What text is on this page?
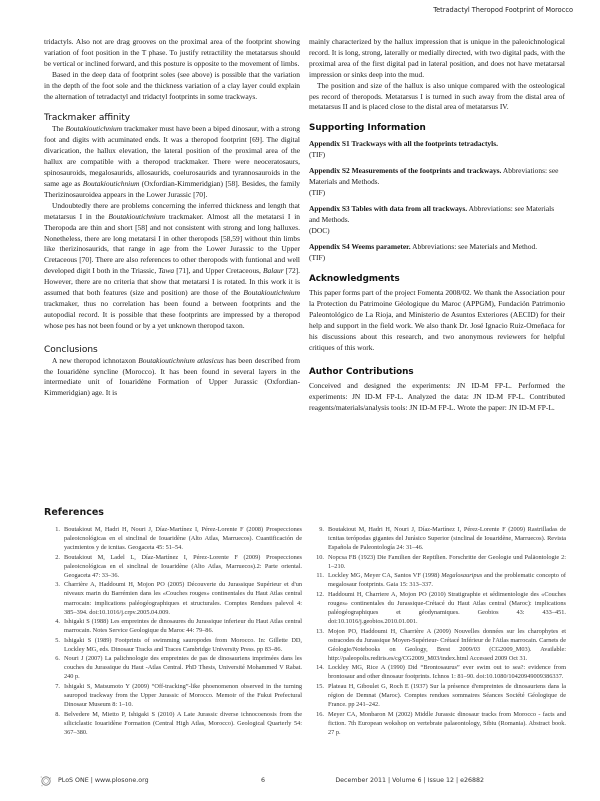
Tetradactyl Theropod Footprint of Morocco

tridactyls. Also not are drag grooves on the proximal area of the footprint showing variation of foot position in the T phase. To justify retractility the metatarsus should be vertical or inclined forward, and this posture is opposite to the movement of limbs.

Based in the deep data of footprint soles (see above) is possible that the variation in the depth of the foot sole and the thickness variation of a clay layer could explain the alternation of tetradactyl and tridactyl footprints in some trackways.

Trackmaker affinity

The Boutakioutichnium trackmaker must have been a biped dinosaur, with a strong foot and digits with acuminated ends. It was a theropod footprint [69]. The digital divarication, the hallux elevation, the lateral position of the proximal area of the hallux are compatible with a theropod trackmaker. There were neoceratosaurs, spinosauroids, megalosaurids, allosaurids, coelurosaurids and tyrannosauroids in the same age as Boutakioutichnium (Oxfordian-Kimmeridgian) [58]. Besides, the family Therizinosauroidea appears in the Lower Jurassic [70].

Undoubtedly there are problems concerning the inferred thickness and length that metatarsus I in the Boutakioutichnium trackmaker. Almost all the metatarsi I in Theropoda are thin and short [58] and not consistent with strong and long halluxes. Nonetheless, there are long metatarsi I in other theropods [58,59] without thin limbs like therizinosaurids, that range in age from the Lower Jurassic to the Upper Cretaceous [70]. There are also references to other theropods with funtional and well developed digit I both in the Triassic, Tawa [71], and Upper Cretaceous, Balaur [72]. However, there are no criteria that show that metatarsi I is rotated. In this work it is assumed that both features (size and position) are those of the Boutakioutichnium trackmaker, thus no correlation has been found a between footprints and the autopodial record. It is possible that these footprints are impressed by a theropod whose pes has not been found or by a yet unknown theropod taxon.

Conclusions

A new theropod ichnotaxon Boutakioutichnium atlasicus has been described from the Iouaridène syncline (Morocco). It has been found in several layers in the intermediate unit of Iouaridène Formation of Upper Jurassic (Oxfordian-Kimmeridgian) age. It is

mainly characterized by the hallux impression that is unique in the paleoichnological record. It is long, strong, laterally or medially directed, with two digital pads, with the proximal area of the first digital pad in lateral position, and does not have metatarsal impression or sinks deep into the mud.

The position and size of the hallux is also unique compared with the osteological pes record of theropods. Metatarsus I is turned in such away from the distal area of metatarsus II and is placed close to the distal area of metatarsus IV.

Supporting Information
Appendix S1 Trackways with all the footprints tetradactyls.
(TIF)
Appendix S2 Measurements of the footprints and trackways. Abbreviations: see Materials and Methods.
(TIF)
Appendix S3 Tables with data from all trackways. Abbreviations: see Materials and Methods.
(DOC)
Appendix S4 Weems parameter. Abbreviations: see Materials and Method.
(TIF)
Acknowledgments

This paper forms part of the project Fomenta 2008/02. We thank the Association pour la Protection du Patrimoine Géologique du Maroc (APPGM), Fundación Patrimonio Paleontológico de La Rioja, and Ministerio de Asuntos Exteriores (AECID) for their help and support in the field work. We also thank Dr. José Ignacio Ruiz-Omeñaca for his discussions about this research, and two anonymous reviewers for helpful critiques of this work.

Author Contributions

Conceived and designed the experiments: JN ID-M FP-L. Performed the experiments: JN ID-M FP-L. Analyzed the data: JN ID-M FP-L. Contributed reagents/materials/analysis tools: JN ID-M FP-L. Wrote the paper: JN ID-M FP-L.

References
1. Boutakiout M, Hadri H, Nouri J, Díaz-Martínez I, Pérez-Lorente F (2008) Prospecciones paleoicnológicas en el sinclinal de Iouaridène (Alto Atlas, Marruecos). Cuantificación de yacimientos y de icnitas. Geogaceta 45: 51–54.
2. Boutakiout M, Ladel L, Díaz-Martínez I, Pérez-Lorente F (2009) Prospecciones paleoicnológicas en el sinclinal de Iouaridène (Alto Atlas, Marruecos).2: Parte oriental. Geogaceta 47: 33–36.
3. Charrière A, Haddoumi H, Mojon PO (2005) Découverte du Jurassique Supérieur et d'un niveaux marin du Barrémien dans les «Couches rouges» continentales du Haut Atlas central marrocain: implications paléogéographiques et structurales. Comptes Rendues palevol 4: 385–394. doi:10.1016/j.crpv.2005.04.009.
4. Ishigaki S (1988) Les empreintes de dinosaures du Jurassique inferieur du Haut Atlas central marrocain. Notes Service Geologique du Maroc 44: 79–86.
5. Ishigaki S (1989) Footprints of swimming sauropodes from Morocco. In: Gillette DD, Lockley MG, eds. Dinosaur Tracks and Traces Cambridge University Press. pp 83–86.
6. Nouri J (2007) La palichnologie des empreintes de pas de dinosauriens imprimées dans les couches du Jurassique du Haut -Atlas Central. PhD Thesis, Université Mohammed V Rabat. 240 p.
7. Ishigaki S, Matsumoto Y (2009) “Off-tracking”-like phoenomenon observed in the turning sauropod trackway from the Upper Jurassic of Morocco. Memoir of the Fukui Prefectural Dinosaur Museum 8: 1–10.
8. Belvedere M, Mietto P, Ishigaki S (2010) A Late Jurassic diverse ichnocoenosis from the siliciclastic Iouaridène Formation (Central High Atlas, Morocco). Geological Quarterly 54: 367–380.
9. Boutakiout M, Hadri H, Nouri J, Díaz-Martínez I, Pérez-Lorente F (2009) Rastrilladas de icnitas terópodas gigantes del Jurásico Superior (sinclinal de Iouaridène, Marruecos). Revista Española de Paleontología 24: 31–46.
10. Nopcsa FB (1923) Die Familien der Reptilien. Forschritte der Geologie und Paläontologie 2: 1–210.
11. Lockley MG, Meyer CA, Santos VF (1998) Megalosauripus and the problematic concepto of megalosaur footprints. Gaia 15: 313–337.
12. Haddoumi H, Charriere A, Mojon PO (2010) Stratigraphie et sédimentologie des «Couches rouges» continentales du Jurassique-Crétacé du Haut Atlas central (Maroc): implications paléogéographiques et géodynamiques. Geobios 43: 433–451. doi:10.1016/j.geobios.2010.01.001.
13. Mojon PO, Haddoumi H, Charrière A (2009) Nouvelles données sur les charophytes et ostracodes du Jurassique Moyen-Supérieur- Crétacé Inférieur de l'Atlas marrocain. Carnets de Géologie/Notebooks on Geology, Brest 2009/03 (CG2009_M03). Available: http://paleopolis.rediris.es/cg/CG2009_M03/index.html Accessed 2009 Oct 31.
14. Lockley MG, Rice A (1990) Did “Brontosaurus” ever swim out to sea?: evidence from brontosaur and other dinosaur footprints. Ichnos 1: 81–90. doi:10.1080/10420949009386337.
15. Plateau H, Giboulet G, Roch E (1937) Sur la présence d'empreintes de dinosauriens dans la région de Demnat (Maroc). Comptes rendues sommaires Séances Société Géologique de France. pp 241–242.
16. Meyer CA, Monbaron M (2002) Middle Jurassic dinosaur tracks from Morocco - facts and fiction. 7th European wokshop on vertebrate palaeontology, Sibiu (Romania). Abstract book. 27 p.
PLoS ONE | www.plosone.org	6	December 2011 | Volume 6 | Issue 12 | e26882
